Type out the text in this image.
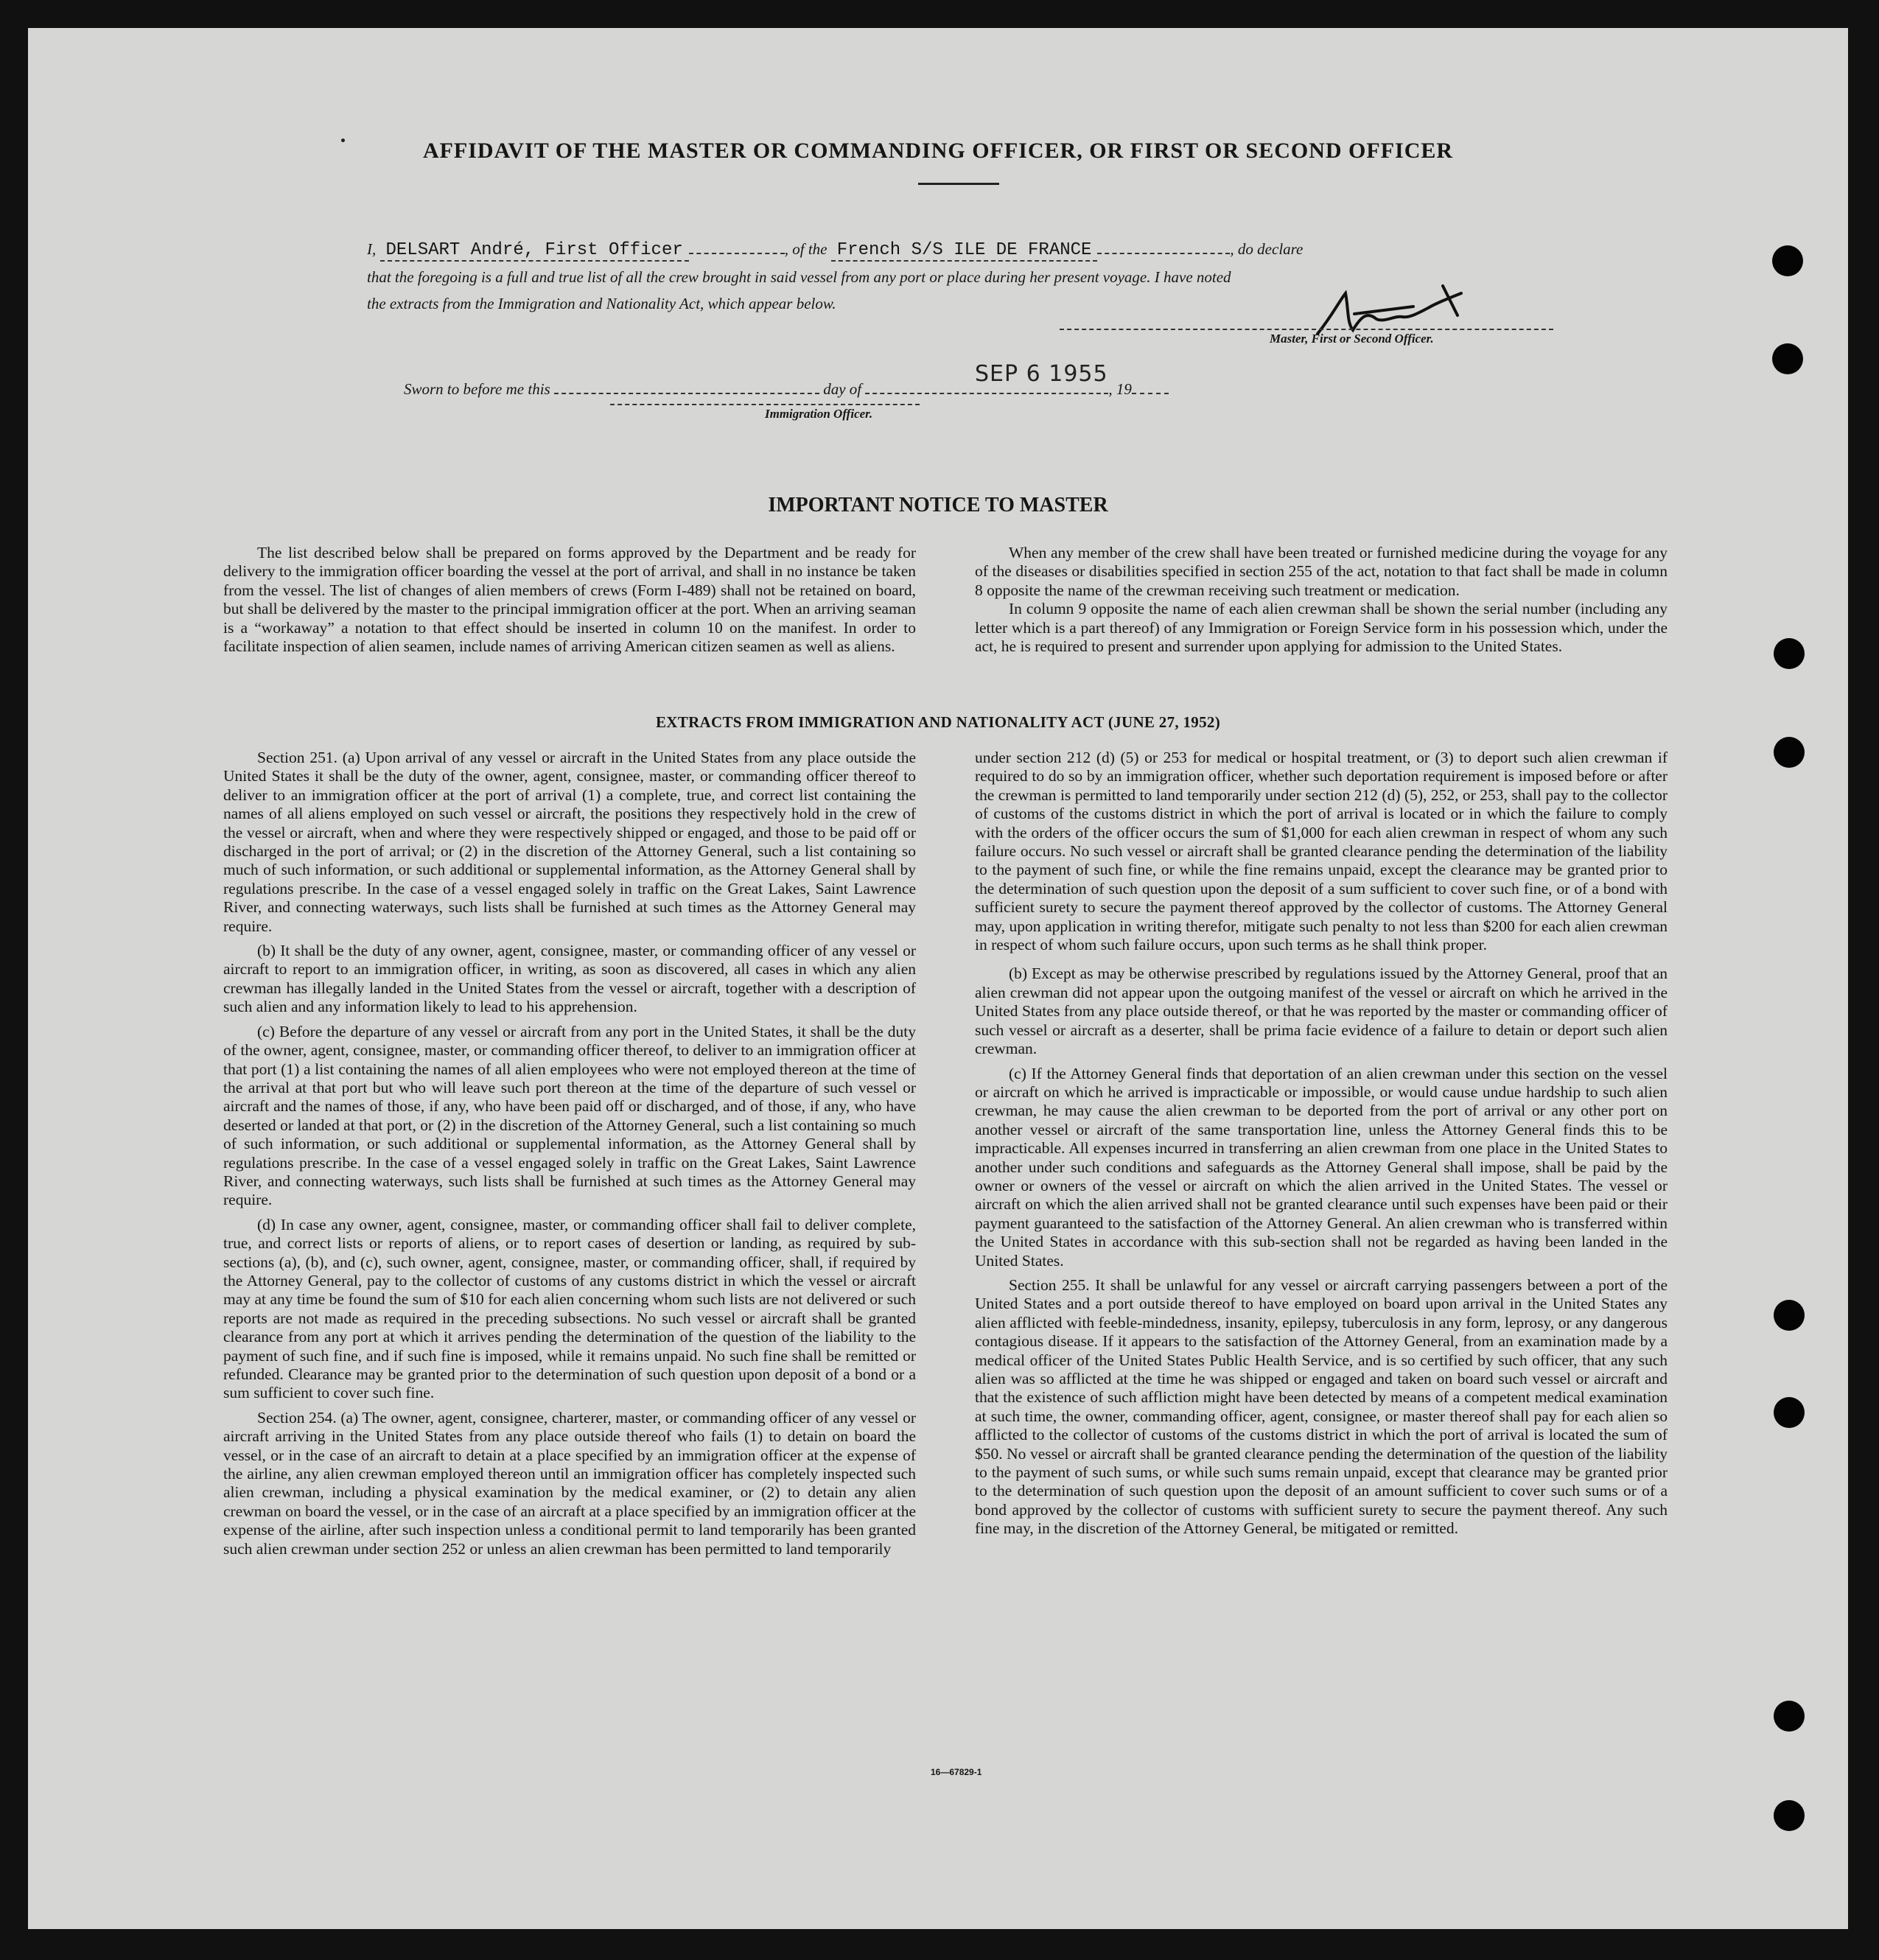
AFFIDAVIT OF THE MASTER OR COMMANDING OFFICER, OR FIRST OR SECOND OFFICER
I, DELSART André, First Officer	, of the French S/S ILE DE FRANCE	, do declare
that the foregoing is a full and true list of all the crew brought in said vessel from any port or place during her present voyage. I have noted
the extracts from the Immigration and Nationality Act, which appear below.
Master, First or Second Officer.
Sworn to before me this	day of	, 19
SEP 6 1955
Immigration Officer.
IMPORTANT NOTICE TO MASTER

The list described below shall be prepared on forms approved by the Department and be ready for delivery to the immigration officer boarding the vessel at the port of arrival, and shall in no instance be taken from the vessel. The list of changes of alien members of crews (Form I-489) shall not be retained on board, but shall be delivered by the master to the principal immigration officer at the port. When an arriving seaman is a “workaway” a notation to that effect should be inserted in column 10 on the manifest. In order to facilitate inspection of alien seamen, include names of arriving American citizen seamen as well as aliens.

When any member of the crew shall have been treated or furnished medicine during the voyage for any of the diseases or disabilities specified in section 255 of the act, notation to that fact shall be made in column 8 opposite the name of the crewman receiving such treatment or medication.

In column 9 opposite the name of each alien crewman shall be shown the serial number (including any letter which is a part thereof) of any Immigration or Foreign Service form in his possession which, under the act, he is required to present and surrender upon applying for admission to the United States.

EXTRACTS FROM IMMIGRATION AND NATIONALITY ACT (JUNE 27, 1952)

Section 251. (a) Upon arrival of any vessel or aircraft in the United States from any place outside the United States it shall be the duty of the owner, agent, consignee, master, or commanding officer thereof to deliver to an immigration officer at the port of arrival (1) a complete, true, and correct list containing the names of all aliens employed on such vessel or aircraft, the positions they respectively hold in the crew of the vessel or aircraft, when and where they were respectively shipped or engaged, and those to be paid off or discharged in the port of arrival; or (2) in the discretion of the Attorney General, such a list containing so much of such information, or such additional or supplemental information, as the Attorney General shall by regulations prescribe. In the case of a vessel engaged solely in traffic on the Great Lakes, Saint Lawrence River, and connecting waterways, such lists shall be furnished at such times as the Attorney General may require.

(b) It shall be the duty of any owner, agent, consignee, master, or commanding officer of any vessel or aircraft to report to an immigration officer, in writing, as soon as discovered, all cases in which any alien crewman has illegally landed in the United States from the vessel or aircraft, together with a description of such alien and any information likely to lead to his apprehension.

(c) Before the departure of any vessel or aircraft from any port in the United States, it shall be the duty of the owner, agent, consignee, master, or commanding officer thereof, to deliver to an immigration officer at that port (1) a list containing the names of all alien employees who were not employed thereon at the time of the arrival at that port but who will leave such port thereon at the time of the departure of such vessel or aircraft and the names of those, if any, who have been paid off or discharged, and of those, if any, who have deserted or landed at that port, or (2) in the discretion of the Attorney General, such a list containing so much of such information, or such additional or supplemental information, as the Attorney General shall by regulations prescribe. In the case of a vessel engaged solely in traffic on the Great Lakes, Saint Lawrence River, and connecting waterways, such lists shall be furnished at such times as the Attorney General may require.

(d) In case any owner, agent, consignee, master, or commanding officer shall fail to deliver complete, true, and correct lists or reports of aliens, or to report cases of desertion or landing, as required by sub-sections (a), (b), and (c), such owner, agent, consignee, master, or commanding officer, shall, if required by the Attorney General, pay to the collector of customs of any customs district in which the vessel or aircraft may at any time be found the sum of $10 for each alien concerning whom such lists are not delivered or such reports are not made as required in the preceding subsections. No such vessel or aircraft shall be granted clearance from any port at which it arrives pending the determination of the question of the liability to the payment of such fine, and if such fine is imposed, while it remains unpaid. No such fine shall be remitted or refunded. Clearance may be granted prior to the determination of such question upon deposit of a bond or a sum sufficient to cover such fine.

Section 254. (a) The owner, agent, consignee, charterer, master, or commanding officer of any vessel or aircraft arriving in the United States from any place outside thereof who fails (1) to detain on board the vessel, or in the case of an aircraft to detain at a place specified by an immigration officer at the expense of the airline, any alien crewman employed thereon until an immigration officer has completely inspected such alien crewman, including a physical examination by the medical examiner, or (2) to detain any alien crewman on board the vessel, or in the case of an aircraft at a place specified by an immigration officer at the expense of the airline, after such inspection unless a conditional permit to land temporarily has been granted such alien crewman under section 252 or unless an alien crewman has been permitted to land temporarily

under section 212 (d) (5) or 253 for medical or hospital treatment, or (3) to deport such alien crewman if required to do so by an immigration officer, whether such deportation requirement is imposed before or after the crewman is permitted to land temporarily under section 212 (d) (5), 252, or 253, shall pay to the collector of customs of the customs district in which the port of arrival is located or in which the failure to comply with the orders of the officer occurs the sum of $1,000 for each alien crewman in respect of whom any such failure occurs. No such vessel or aircraft shall be granted clearance pending the determination of the liability to the payment of such fine, or while the fine remains unpaid, except the clearance may be granted prior to the determination of such question upon the deposit of a sum sufficient to cover such fine, or of a bond with sufficient surety to secure the payment thereof approved by the collector of customs. The Attorney General may, upon application in writing therefor, mitigate such penalty to not less than $200 for each alien crewman in respect of whom such failure occurs, upon such terms as he shall think proper.

(b) Except as may be otherwise prescribed by regulations issued by the Attorney General, proof that an alien crewman did not appear upon the outgoing manifest of the vessel or aircraft on which he arrived in the United States from any place outside thereof, or that he was reported by the master or commanding officer of such vessel or aircraft as a deserter, shall be prima facie evidence of a failure to detain or deport such alien crewman.

(c) If the Attorney General finds that deportation of an alien crewman under this section on the vessel or aircraft on which he arrived is impracticable or impossible, or would cause undue hardship to such alien crewman, he may cause the alien crewman to be deported from the port of arrival or any other port on another vessel or aircraft of the same transportation line, unless the Attorney General finds this to be impracticable. All expenses incurred in transferring an alien crewman from one place in the United States to another under such conditions and safeguards as the Attorney General shall impose, shall be paid by the owner or owners of the vessel or aircraft on which the alien arrived in the United States. The vessel or aircraft on which the alien arrived shall not be granted clearance until such expenses have been paid or their payment guaranteed to the satisfaction of the Attorney General. An alien crewman who is transferred within the United States in accordance with this sub-section shall not be regarded as having been landed in the United States.

Section 255. It shall be unlawful for any vessel or aircraft carrying passengers between a port of the United States and a port outside thereof to have employed on board upon arrival in the United States any alien afflicted with feeble-mindedness, insanity, epilepsy, tuberculosis in any form, leprosy, or any dangerous contagious disease. If it appears to the satisfaction of the Attorney General, from an examination made by a medical officer of the United States Public Health Service, and is so certified by such officer, that any such alien was so afflicted at the time he was shipped or engaged and taken on board such vessel or aircraft and that the existence of such affliction might have been detected by means of a competent medical examination at such time, the owner, commanding officer, agent, consignee, or master thereof shall pay for each alien so afflicted to the collector of customs of the customs district in which the port of arrival is located the sum of $50. No vessel or aircraft shall be granted clearance pending the determination of the question of the liability to the payment of such sums, or while such sums remain unpaid, except that clearance may be granted prior to the determination of such question upon the deposit of an amount sufficient to cover such sums or of a bond approved by the collector of customs with sufficient surety to secure the payment thereof. Any such fine may, in the discretion of the Attorney General, be mitigated or remitted.

16—67829-1
